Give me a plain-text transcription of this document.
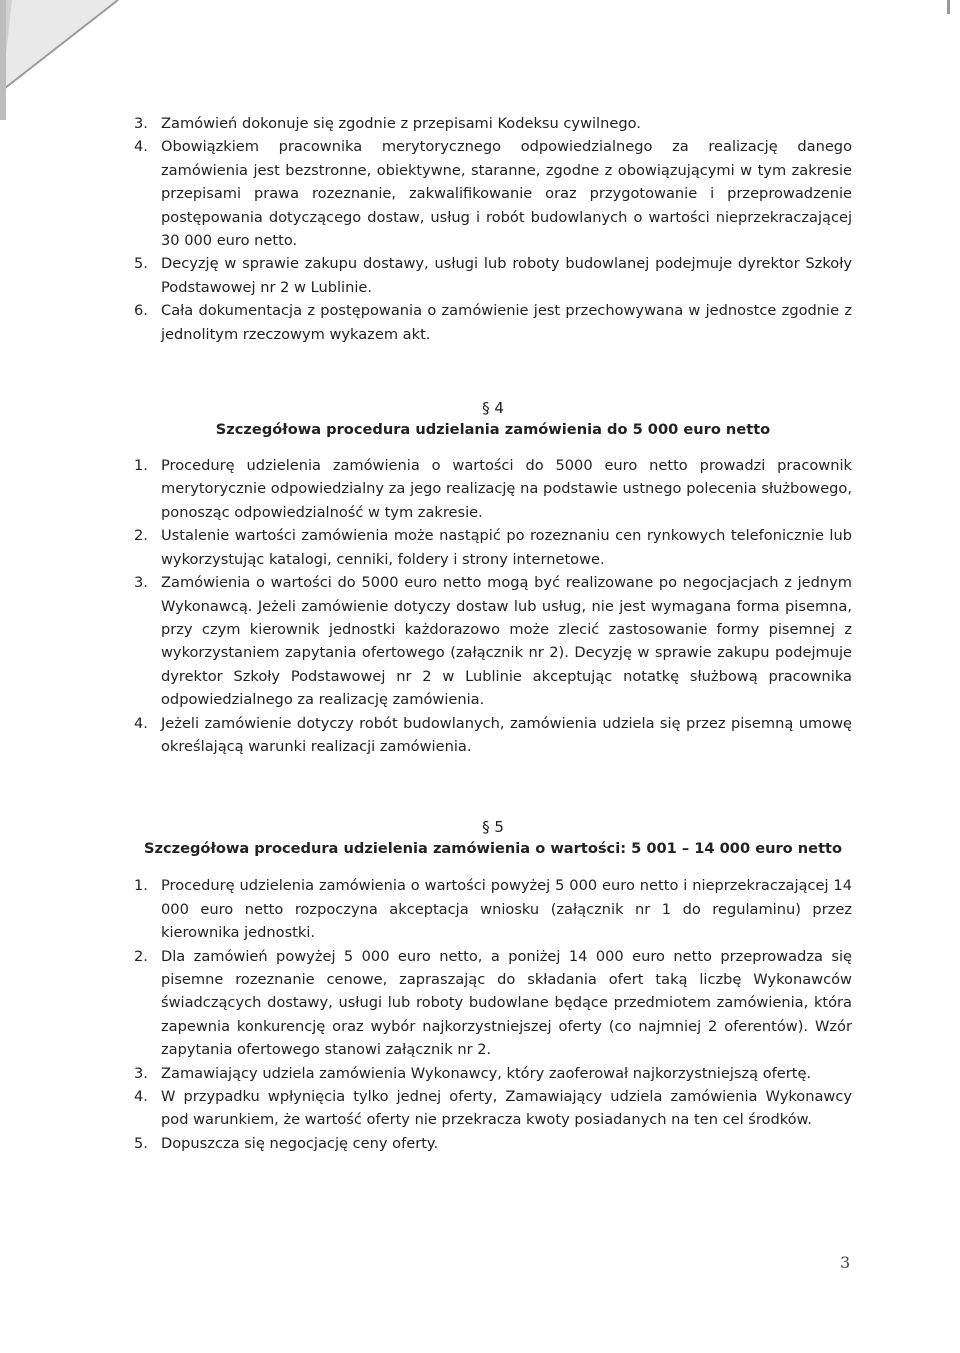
3. Zamówień dokonuje się zgodnie z przepisami Kodeksu cywilnego.
4. Obowiązkiem pracownika merytorycznego odpowiedzialnego za realizację danego zamówienia jest bezstronne, obiektywne, staranne, zgodne z obowiązującymi w tym zakresie przepisami prawa rozeznanie, zakwalifikowanie oraz przygotowanie i przeprowadzenie postępowania dotyczącego dostaw, usług i robót budowlanych o wartości nieprzekraczającej 30 000 euro netto.
5. Decyzję w sprawie zakupu dostawy, usługi lub roboty budowlanej podejmuje dyrektor Szkoły Podstawowej nr 2 w Lublinie.
6. Cała dokumentacja z postępowania o zamówienie jest przechowywana w jednostce zgodnie z jednolitym rzeczowym wykazem akt.
§ 4
Szczegółowa procedura udzielania zamówienia do 5 000 euro netto
1. Procedurę udzielenia zamówienia o wartości do 5000 euro netto prowadzi pracownik merytorycznie odpowiedzialny za jego realizację na podstawie ustnego polecenia służbowego, ponosząc odpowiedzialność w tym zakresie.
2. Ustalenie wartości zamówienia może nastąpić po rozeznaniu cen rynkowych telefonicznie lub wykorzystując katalogi, cenniki, foldery i strony internetowe.
3. Zamówienia o wartości do 5000 euro netto mogą być realizowane po negocjacjach z jednym Wykonawcą. Jeżeli zamówienie dotyczy dostaw lub usług, nie jest wymagana forma pisemna, przy czym kierownik jednostki każdorazowo może zlecić zastosowanie formy pisemnej z wykorzystaniem zapytania ofertowego (załącznik nr 2). Decyzję w sprawie zakupu podejmuje dyrektor Szkoły Podstawowej nr 2 w Lublinie akceptując notatkę służbową pracownika odpowiedzialnego za realizację zamówienia.
4. Jeżeli zamówienie dotyczy robót budowlanych, zamówienia udziela się przez pisemną umowę określającą warunki realizacji zamówienia.
§ 5
Szczegółowa procedura udzielenia zamówienia o wartości: 5 001 – 14 000 euro netto
1. Procedurę udzielenia zamówienia o wartości powyżej 5 000 euro netto i nieprzekraczającej 14 000 euro netto rozpoczyna akceptacja wniosku (załącznik nr 1 do regulaminu) przez kierownika jednostki.
2. Dla zamówień powyżej 5 000 euro netto, a poniżej 14 000 euro netto przeprowadza się pisemne rozeznanie cenowe, zapraszając do składania ofert taką liczbę Wykonawców świadczących dostawy, usługi lub roboty budowlane będące przedmiotem zamówienia, która zapewnia konkurencję oraz wybór najkorzystniejszej oferty (co najmniej 2 oferentów). Wzór zapytania ofertowego stanowi załącznik nr 2.
3. Zamawiający udziela zamówienia Wykonawcy, który zaoferował najkorzystniejszą ofertę.
4. W przypadku wpłynięcia tylko jednej oferty, Zamawiający udziela zamówienia Wykonawcy pod warunkiem, że wartość oferty nie przekracza kwoty posiadanych na ten cel środków.
5. Dopuszcza się negocjację ceny oferty.
3
